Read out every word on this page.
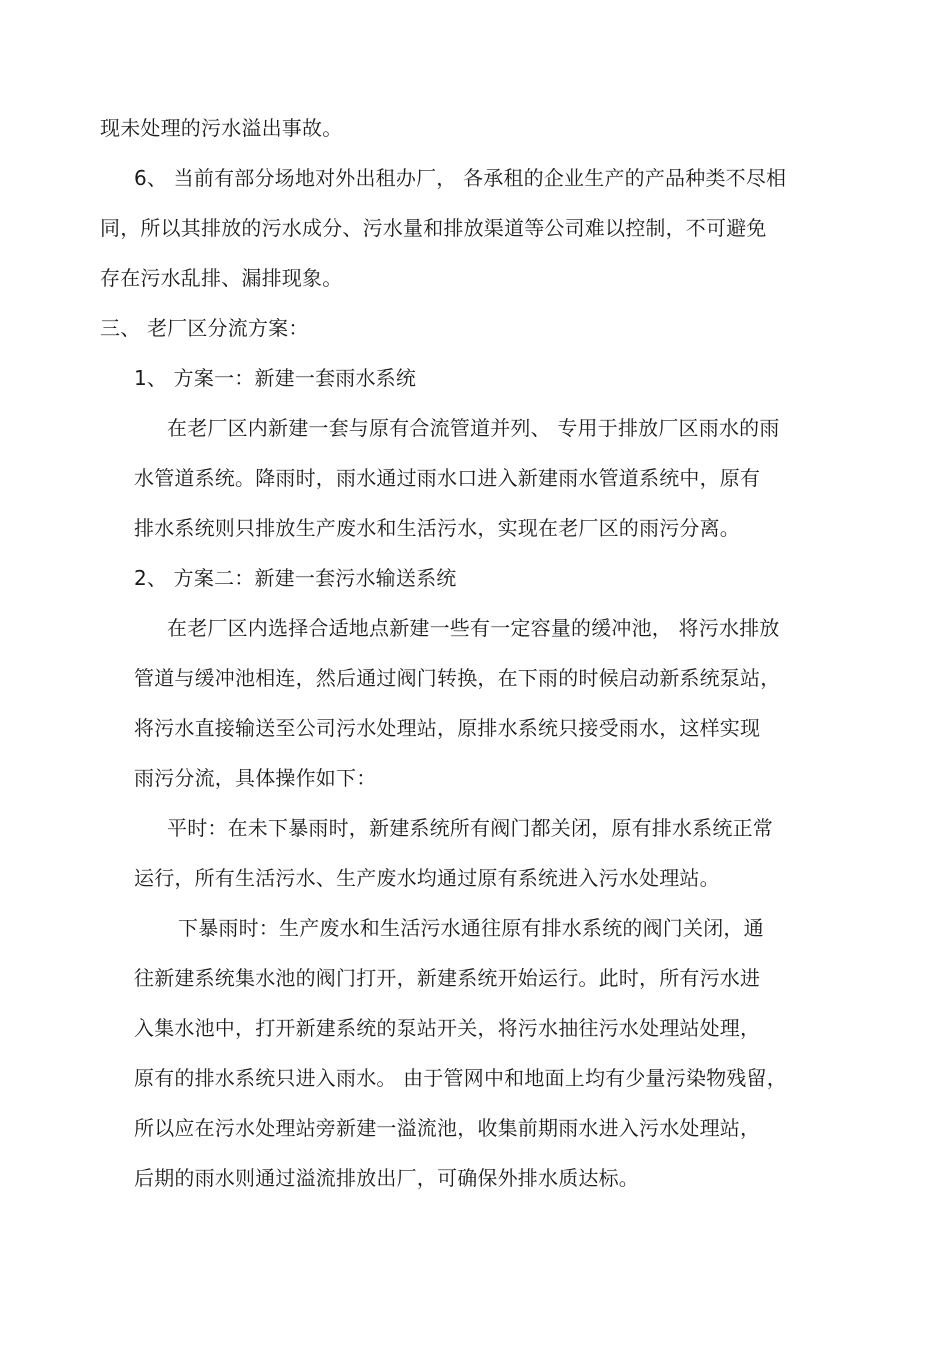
现未处理的污水溢出事故。
6、 当前有部分场地对外出租办厂， 各承租的企业生产的产品种类不尽相
同，所以其排放的污水成分、污水量和排放渠道等公司难以控制，不可避免
存在污水乱排、漏排现象。
三、 老厂区分流方案：
1、 方案一：新建一套雨水系统
在老厂区内新建一套与原有合流管道并列、 专用于排放厂区雨水的雨
水管道系统。降雨时，雨水通过雨水口进入新建雨水管道系统中，原有
排水系统则只排放生产废水和生活污水，实现在老厂区的雨污分离。
2、 方案二：新建一套污水输送系统
在老厂区内选择合适地点新建一些有一定容量的缓冲池， 将污水排放
管道与缓冲池相连，然后通过阀门转换，在下雨的时候启动新系统泵站，
将污水直接输送至公司污水处理站，原排水系统只接受雨水，这样实现
雨污分流，具体操作如下：
平时：在未下暴雨时，新建系统所有阀门都关闭，原有排水系统正常
运行，所有生活污水、生产废水均通过原有系统进入污水处理站。
下暴雨时：生产废水和生活污水通往原有排水系统的阀门关闭，通
往新建系统集水池的阀门打开，新建系统开始运行。此时，所有污水进
入集水池中，打开新建系统的泵站开关，将污水抽往污水处理站处理，
原有的排水系统只进入雨水。 由于管网中和地面上均有少量污染物残留，
所以应在污水处理站旁新建一溢流池，收集前期雨水进入污水处理站，
后期的雨水则通过溢流排放出厂，可确保外排水质达标。
